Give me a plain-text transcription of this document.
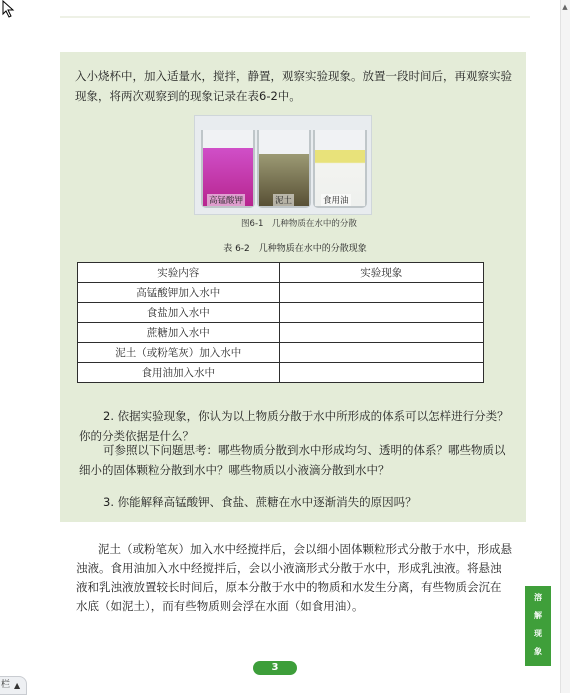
▲

入小烧杯中，加入适量水，搅拌，静置，观察实验现象。放置一段时间后，再观察实验现象，将两次观察到的现象记录在表6-2中。

高锰酸钾	泥土	食用油
图6-1　几种物质在水中的分散
表 6-2　几种物质在水中的分散现象
实验内容	实验现象
高锰酸钾加入水中	
食盐加入水中	
蔗糖加入水中	
泥土（或粉笔灰）加入水中	
食用油加入水中	

2. 依据实验现象，你认为以上物质分散于水中所形成的体系可以怎样进行分类？你的分类依据是什么？

可参照以下问题思考：哪些物质分散到水中形成均匀、透明的体系？哪些物质以细小的固体颗粒分散到水中？哪些物质以小液滴分散到水中？

3. 你能解释高锰酸钾、食盐、蔗糖在水中逐渐消失的原因吗？

泥土（或粉笔灰）加入水中经搅拌后，会以细小固体颗粒形式分散于水中，形成悬浊液。食用油加入水中经搅拌后，会以小液滴形式分散于水中，形成乳浊液。将悬浊液和乳浊液放置较长时间后，原本分散于水中的物质和水发生分离，有些物质会沉在水底（如泥土），而有些物质则会浮在水面（如食用油）。

溶
解
现
象
3
栏 ▲
